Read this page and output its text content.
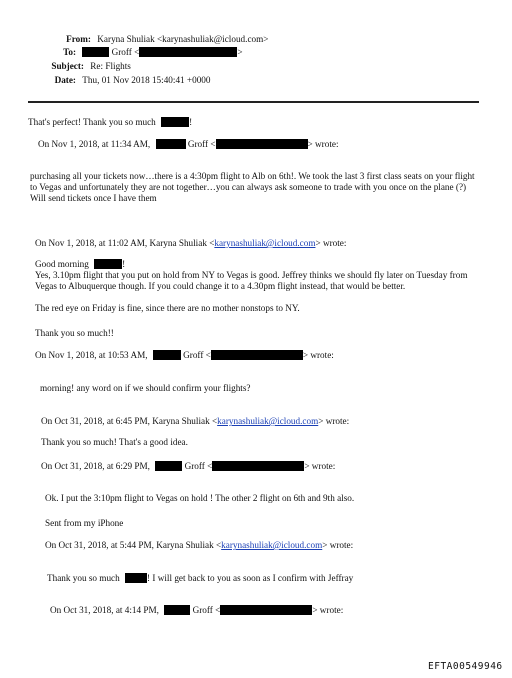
From: Karyna Shuliak <karynashuliak@icloud.com>
To:	Groff <	>
Subject: Re: Flights
Date: Thu, 01 Nov 2018 15:40:41 +0000
That's perfect! Thank you so much	!
On Nov 1, 2018, at 11:34 AM,	Groff <	> wrote:
purchasing all your tickets now…there is a 4:30pm flight to Alb on 6th!. We took the last 3 first class seats on your flight to Vegas and unfortunately they are not together…you can always ask someone to trade with you once on the plane (?) Will send tickets once I have them
On Nov 1, 2018, at 11:02 AM, Karyna Shuliak <karynashuliak@icloud.com> wrote:
Good morning	!
Yes, 3.10pm flight that you put on hold from NY to Vegas is good. Jeffrey thinks we should fly later on Tuesday from Vegas to Albuquerque though. If you could change it to a 4.30pm flight instead, that would be better.
The red eye on Friday is fine, since there are no mother nonstops to NY.
Thank you so much!!
On Nov 1, 2018, at 10:53 AM,	Groff <	> wrote:
morning! any word on if we should confirm your flights?
On Oct 31, 2018, at 6:45 PM, Karyna Shuliak <karynashuliak@icloud.com> wrote:
Thank you so much! That's a good idea.
On Oct 31, 2018, at 6:29 PM,	Groff <	> wrote:
Ok. I put the 3:10pm flight to Vegas on hold ! The other 2 flight on 6th and 9th also.
Sent from my iPhone
On Oct 31, 2018, at 5:44 PM, Karyna Shuliak <karynashuliak@icloud.com> wrote:
Thank you so much	! I will get back to you as soon as I confirm with Jeffray
On Oct 31, 2018, at 4:14 PM,	Groff <	> wrote:
EFTA00549946
